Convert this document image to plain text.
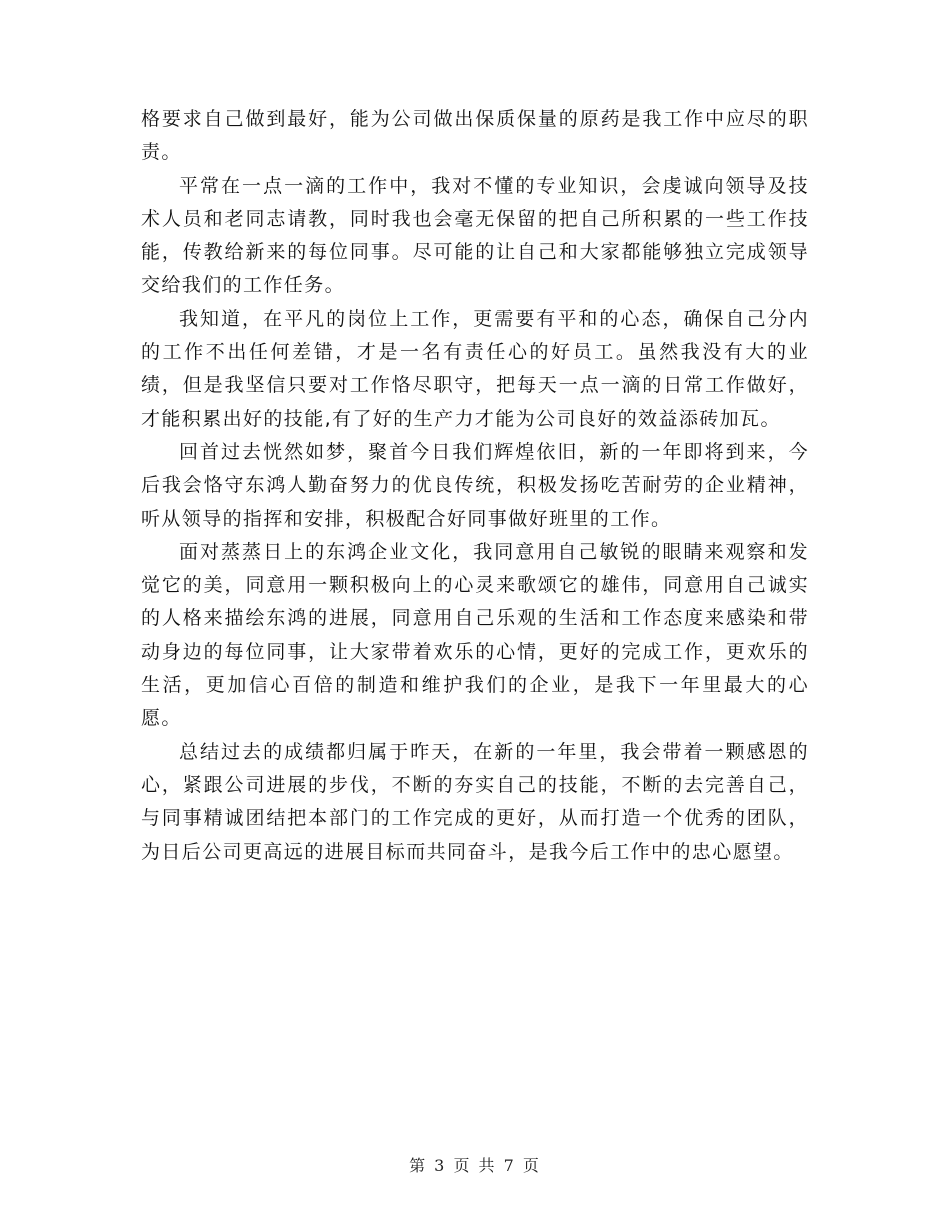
格要求自己做到最好，能为公司做出保质保量的原药是我工作中应尽的职责。

平常在一点一滴的工作中，我对不懂的专业知识，会虔诚向领导及技术人员和老同志请教，同时我也会毫无保留的把自己所积累的一些工作技能，传教给新来的每位同事。尽可能的让自己和大家都能够独立完成领导交给我们的工作任务。

我知道，在平凡的岗位上工作，更需要有平和的心态，确保自己分内的工作不出任何差错，才是一名有责任心的好员工。虽然我没有大的业绩，但是我坚信只要对工作恪尽职守，把每天一点一滴的日常工作做好，才能积累出好的技能,有了好的生产力才能为公司良好的效益添砖加瓦。

回首过去恍然如梦，聚首今日我们辉煌依旧，新的一年即将到来，今后我会恪守东鸿人勤奋努力的优良传统，积极发扬吃苦耐劳的企业精神，听从领导的指挥和安排，积极配合好同事做好班里的工作。

面对蒸蒸日上的东鸿企业文化，我同意用自己敏锐的眼睛来观察和发觉它的美，同意用一颗积极向上的心灵来歌颂它的雄伟，同意用自己诚实的人格来描绘东鸿的进展，同意用自己乐观的生活和工作态度来感染和带动身边的每位同事，让大家带着欢乐的心情，更好的完成工作，更欢乐的生活，更加信心百倍的制造和维护我们的企业，是我下一年里最大的心愿。

总结过去的成绩都归属于昨天，在新的一年里，我会带着一颗感恩的心，紧跟公司进展的步伐，不断的夯实自己的技能，不断的去完善自己，与同事精诚团结把本部门的工作完成的更好，从而打造一个优秀的团队，为日后公司更高远的进展目标而共同奋斗，是我今后工作中的忠心愿望。

第 3 页 共 7 页
